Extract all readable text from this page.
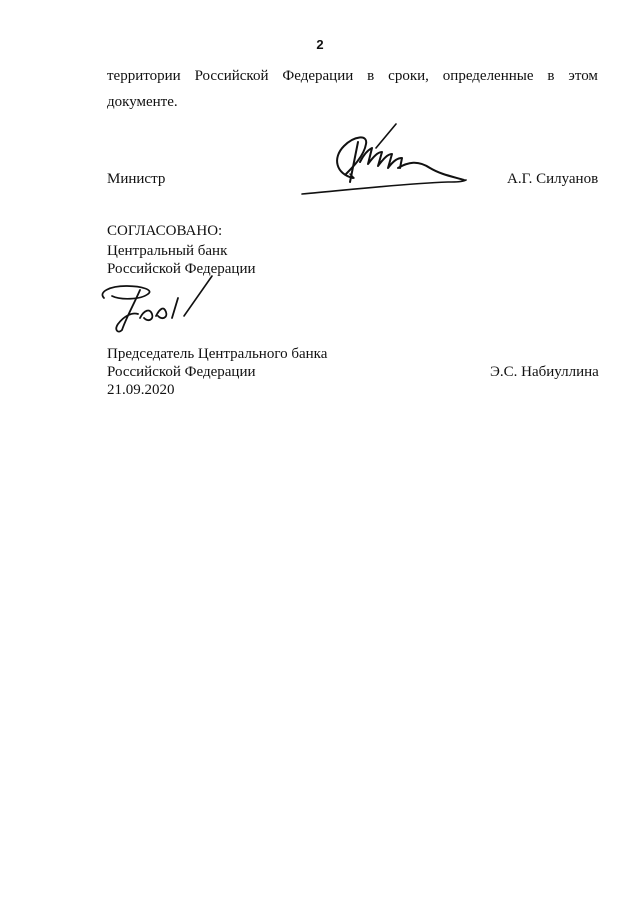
2
территории Российской Федерации в сроки, определенные в этом
документе.
Министр	А.Г. Силуанов
СОГЛАСОВАНО:
Центральный банк
Российской Федерации
Председатель Центрального банка
Российской Федерации	Э.С. Набиуллина
21.09.2020
